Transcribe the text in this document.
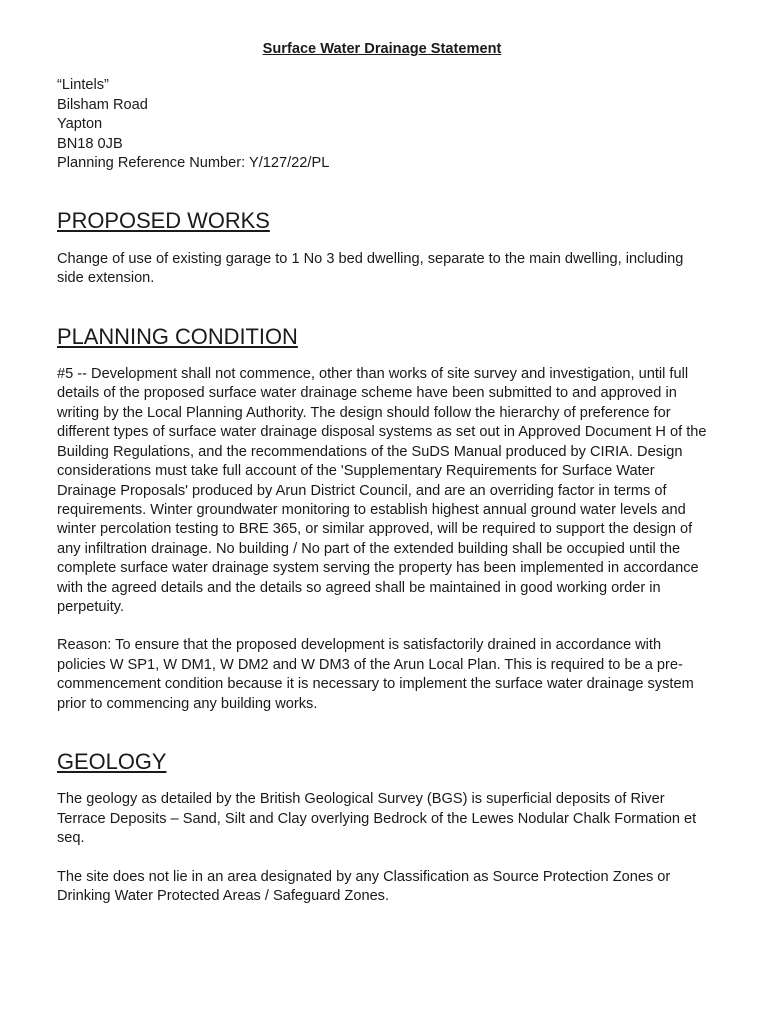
Surface Water Drainage Statement

“Lintels”

Bilsham Road

Yapton

BN18 0JB

Planning Reference Number: Y/127/22/PL

PROPOSED WORKS

Change of use of existing garage to 1 No 3 bed dwelling, separate to the main dwelling, including side extension.

PLANNING CONDITION

#5 -- Development shall not commence, other than works of site survey and investigation, until full details of the proposed surface water drainage scheme have been submitted to and approved in writing by the Local Planning Authority. The design should follow the hierarchy of preference for different types of surface water drainage disposal systems as set out in Approved Document H of the Building Regulations, and the recommendations of the SuDS Manual produced by CIRIA. Design considerations must take full account of the 'Supplementary Requirements for Surface Water Drainage Proposals' produced by Arun District Council, and are an overriding factor in terms of requirements. Winter groundwater monitoring to establish highest annual ground water levels and winter percolation testing to BRE 365, or similar approved, will be required to support the design of any infiltration drainage. No building / No part of the extended building shall be occupied until the complete surface water drainage system serving the property has been implemented in accordance with the agreed details and the details so agreed shall be maintained in good working order in perpetuity.

Reason: To ensure that the proposed development is satisfactorily drained in accordance with policies W SP1, W DM1, W DM2 and W DM3 of the Arun Local Plan. This is required to be a pre-commencement condition because it is necessary to implement the surface water drainage system prior to commencing any building works.

GEOLOGY

The geology as detailed by the British Geological Survey (BGS) is superficial deposits of River Terrace Deposits – Sand, Silt and Clay overlying Bedrock of the Lewes Nodular Chalk Formation et seq.

The site does not lie in an area designated by any Classification as Source Protection Zones or Drinking Water Protected Areas / Safeguard Zones.
